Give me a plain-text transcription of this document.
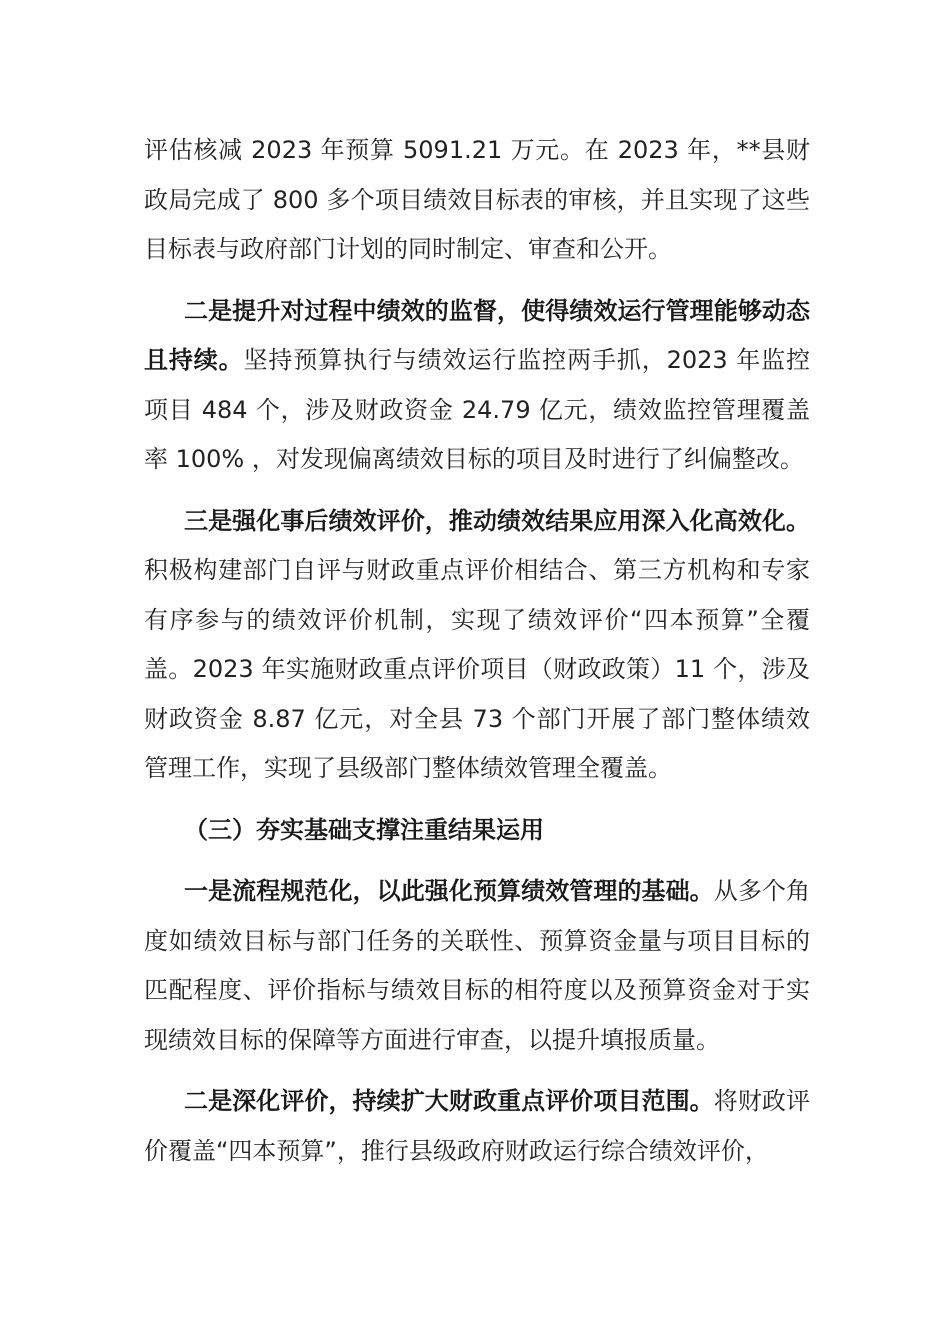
评估核减 2023 年预算 5091.21 万元。在 2023 年，**县财政局完成了 800 多个项目绩效目标表的审核，并且实现了这些目标表与政府部门计划的同时制定、审查和公开。

二是提升对过程中绩效的监督，使得绩效运行管理能够动态且持续。坚持预算执行与绩效运行监控两手抓，2023 年监控项目 484 个，涉及财政资金 24.79 亿元，绩效监控管理覆盖率 100% ，对发现偏离绩效目标的项目及时进行了纠偏整改。

三是强化事后绩效评价，推动绩效结果应用深入化高效化。积极构建部门自评与财政重点评价相结合、第三方机构和专家有序参与的绩效评价机制，实现了绩效评价“四本预算”全覆盖。2023 年实施财政重点评价项目（财政政策）11 个，涉及财政资金 8.87 亿元，对全县 73 个部门开展了部门整体绩效管理工作，实现了县级部门整体绩效管理全覆盖。

（三）夯实基础支撑注重结果运用

一是流程规范化，以此强化预算绩效管理的基础。从多个角度如绩效目标与部门任务的关联性、预算资金量与项目目标的匹配程度、评价指标与绩效目标的相符度以及预算资金对于实现绩效目标的保障等方面进行审查，以提升填报质量。

二是深化评价，持续扩大财政重点评价项目范围。将财政评价覆盖“四本预算”，推行县级政府财政运行综合绩效评价，
